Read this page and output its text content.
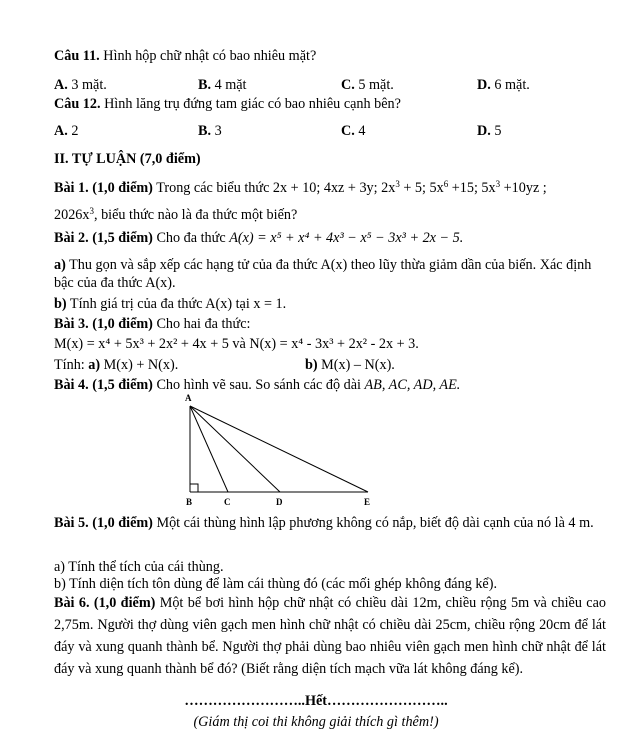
Câu 11. Hình hộp chữ nhật có bao nhiêu mặt?
A. 3 mặt.	B. 4 mặt	C. 5 mặt.	D. 6 mặt.
Câu 12. Hình lăng trụ đứng tam giác có bao nhiêu cạnh bên?
A. 2	B. 3	C. 4	D. 5
II. TỰ LUẬN (7,0 điểm)
Bài 1. (1,0 điểm) Trong các biểu thức 2x + 10; 4xz + 3y; $2x^3 + 5$; $5x^6 +15$; $5x^3 +10yz$ ;
$2026x^3$, biểu thức nào là đa thức một biến?
Bài 2. (1,5 điểm) Cho đa thức A(x) = x⁵ + x⁴ + 4x³ − x⁵ − 3x³ + 2x − 5.
a) Thu gọn và sắp xếp các hạng tử của đa thức A(x) theo lũy thừa giảm dần của biến. Xác định bậc của đa thức A(x).
b) Tính giá trị của đa thức A(x) tại x = 1.
Bài 3. (1,0 điểm) Cho hai đa thức:
M(x) = x⁴ + 5x³ + 2x² + 4x + 5 và N(x) = x⁴ - 3x³ + 2x² - 2x + 3.
Tính: a) M(x) + N(x).	b) M(x) – N(x).
Bài 4. (1,5 điểm) Cho hình vẽ sau. So sánh các độ dài AB, AC, AD, AE.
A
B	C	D	E
Bài 5. (1,0 điểm) Một cái thùng hình lập phương không có nắp, biết độ dài cạnh của nó là 4 m.
a) Tính thể tích của cái thùng.
b) Tính diện tích tôn dùng để làm cái thùng đó (các mối ghép không đáng kể).
Bài 6. (1,0 điểm) Một bể bơi hình hộp chữ nhật có chiều dài 12m, chiều rộng 5m và chiều cao 2,75m. Người thợ dùng viên gạch men hình chữ nhật có chiều dài 25cm, chiều rộng 20cm để lát đáy và xung quanh thành bể. Người thợ phải dùng bao nhiêu viên gạch men hình chữ nhật để lát đáy và xung quanh thành bể đó? (Biết rằng diện tích mạch vữa lát không đáng kể).
……………………..Hết……………………..
(Giám thị coi thi không giải thích gì thêm!)
